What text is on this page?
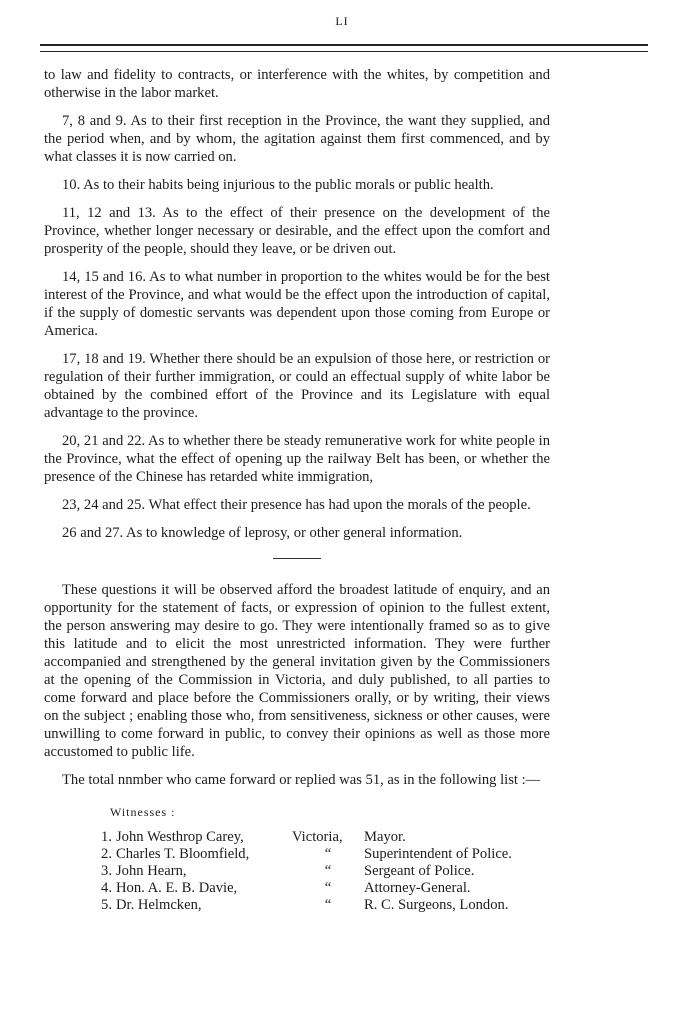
LI

to law and fidelity to contracts, or interference with the whites, by competition and otherwise in the labor market.

7, 8 and 9. As to their first reception in the Province, the want they supplied, and the period when, and by whom, the agitation against them first commenced, and by what classes it is now carried on.

10. As to their habits being injurious to the public morals or public health.

11, 12 and 13. As to the effect of their presence on the development of the Province, whether longer necessary or desirable, and the effect upon the comfort and prosperity of the people, should they leave, or be driven out.

14, 15 and 16. As to what number in proportion to the whites would be for the best interest of the Province, and what would be the effect upon the introduction of capital, if the supply of domestic servants was dependent upon those coming from Europe or America.

17, 18 and 19. Whether there should be an expulsion of those here, or restriction or regulation of their further immigration, or could an effectual supply of white labor be obtained by the combined effort of the Province and its Legislature with equal advantage to the province.

20, 21 and 22. As to whether there be steady remunerative work for white people in the Province, what the effect of opening up the railway Belt has been, or whether the presence of the Chinese has retarded white immigration,

23, 24 and 25. What effect their presence has had upon the morals of the people.

26 and 27. As to knowledge of leprosy, or other general information.

These questions it will be observed afford the broadest latitude of enquiry, and an opportunity for the statement of facts, or expression of opinion to the fullest extent, the person answering may desire to go. They were intentionally framed so as to give this latitude and to elicit the most unrestricted information. They were further accompanied and strengthened by the general invitation given by the Commissioners at the opening of the Commission in Victoria, and duly published, to all parties to come forward and place before the Commissioners orally, or by writing, their views on the subject ; enabling those who, from sensitiveness, sickness or other causes, were unwilling to come forward in public, to convey their opinions as well as those more accustomed to public life.

The total nnmber who came forward or replied was 51, as in the following list :—

Witnesses :
1. John Westhrop Carey,	Victoria,	Mayor.
2. Charles T. Bloomfield,	“	Superintendent of Police.
3. John Hearn,	“	Sergeant of Police.
4. Hon. A. E. B. Davie,	“	Attorney-General.
5. Dr. Helmcken,	“	R. C. Surgeons, London.
